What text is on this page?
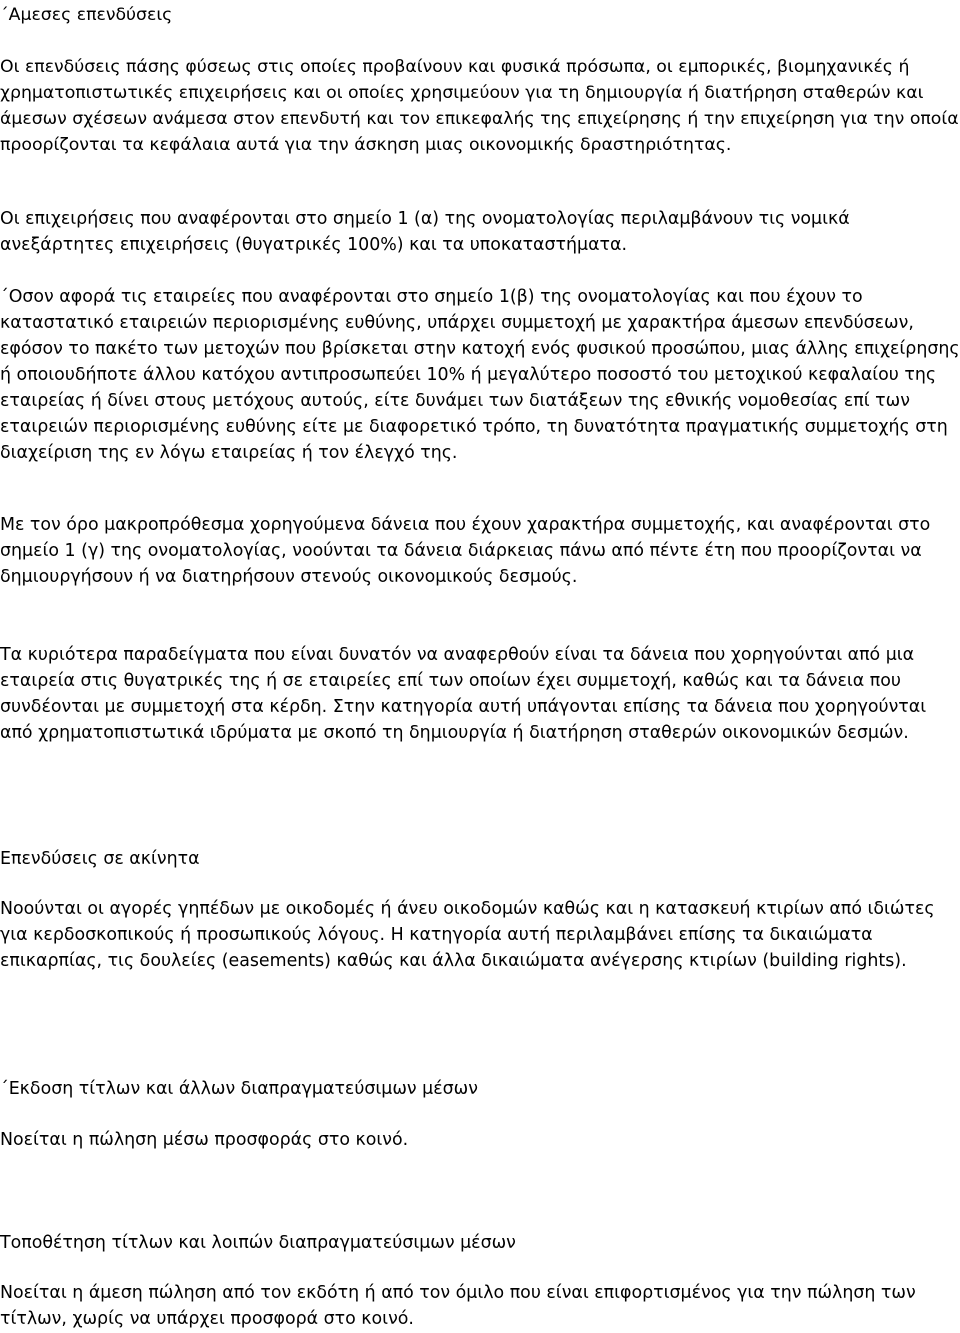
΄Αμεσες επενδύσεις

Οι επενδύσεις πάσης φύσεως στις οποίες προβαίνουν και φυσικά πρόσωπα, οι εμπορικές, βιομηχανικές ή χρηματοπιστωτικές επιχειρήσεις και οι οποίες χρησιμεύουν για τη δημιουργία ή διατήρηση σταθερών και άμεσων σχέσεων ανάμεσα στον επενδυτή και τον επικεφαλής της επιχείρησης ή την επιχείρηση για την οποία προορίζονται τα κεφάλαια αυτά για την άσκηση μιας οικονομικής δραστηριότητας.

Οι επιχειρήσεις που αναφέρονται στο σημείο 1 (α) της ονοματολογίας περιλαμβάνουν τις νομικά ανεξάρτητες επιχειρήσεις (θυγατρικές 100%) και τα υποκαταστήματα.

΄Οσον αφορά τις εταιρείες που αναφέρονται στο σημείο 1(β) της ονοματολογίας και που έχουν το καταστατικό εταιρειών περιορισμένης ευθύνης, υπάρχει συμμετοχή με χαρακτήρα άμεσων επενδύσεων, εφόσον το πακέτο των μετοχών που βρίσκεται στην κατοχή ενός φυσικού προσώπου, μιας άλλης επιχείρησης ή οποιουδήποτε άλλου κατόχου αντιπροσωπεύει 10% ή μεγαλύτερο ποσοστό του μετοχικού κεφαλαίου της εταιρείας ή δίνει στους μετόχους αυτούς, είτε δυνάμει των διατάξεων της εθνικής νομοθεσίας επί των εταιρειών περιορισμένης ευθύνης είτε με διαφορετικό τρόπο, τη δυνατότητα πραγματικής συμμετοχής στη διαχείριση της εν λόγω εταιρείας ή τον έλεγχό της.

Με τον όρο μακροπρόθεσμα χορηγούμενα δάνεια που έχουν χαρακτήρα συμμετοχής, και αναφέρονται στο σημείο 1 (γ) της ονοματολογίας, νοούνται τα δάνεια διάρκειας πάνω από πέντε έτη που προορίζονται να δημιουργήσουν ή να διατηρήσουν στενούς οικονομικούς δεσμούς.

Τα κυριότερα παραδείγματα που είναι δυνατόν να αναφερθούν είναι τα δάνεια που χορηγούνται από μια εταιρεία στις θυγατρικές της ή σε εταιρείες επί των οποίων έχει συμμετοχή, καθώς και τα δάνεια που συνδέονται με συμμετοχή στα κέρδη. Στην κατηγορία αυτή υπάγονται επίσης τα δάνεια που χορηγούνται από χρηματοπιστωτικά ιδρύματα με σκοπό τη δημιουργία ή διατήρηση σταθερών οικονομικών δεσμών.

Επενδύσεις σε ακίνητα

Νοούνται οι αγορές γηπέδων με οικοδομές ή άνευ οικοδομών καθώς και η κατασκευή κτιρίων από ιδιώτες για κερδοσκοπικούς ή προσωπικούς λόγους. Η κατηγορία αυτή περιλαμβάνει επίσης τα δικαιώματα επικαρπίας, τις δουλείες (easements) καθώς και άλλα δικαιώματα ανέγερσης κτιρίων (building rights).

΄Εκδοση τίτλων και άλλων διαπραγματεύσιμων μέσων

Νοείται η πώληση μέσω προσφοράς στο κοινό.

Τοποθέτηση τίτλων και λοιπών διαπραγματεύσιμων μέσων

Νοείται η άμεση πώληση από τον εκδότη ή από τον όμιλο που είναι επιφορτισμένος για την πώληση των τίτλων, χωρίς να υπάρχει προσφορά στο κοινό.
